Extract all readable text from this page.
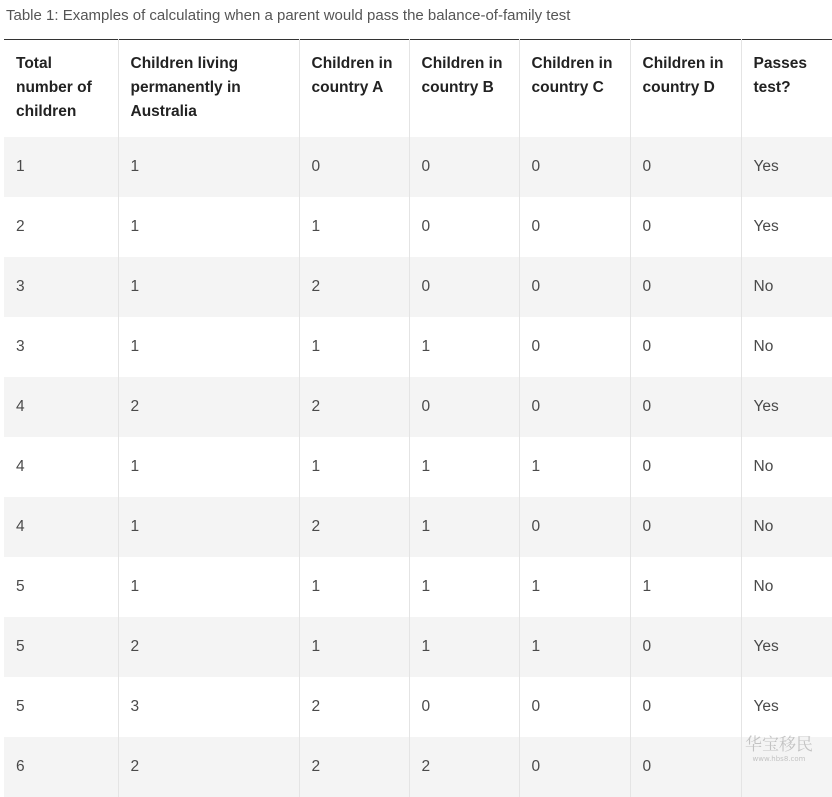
Table 1: Examples of calculating when a parent would pass the balance-of-family test
Total number of children	Children living permanently in Australia	Children in country A	Children in country B	Children in country C	Children in country D	Passes test?
1	1	0	0	0	0	Yes
2	1	1	0	0	0	Yes
3	1	2	0	0	0	No
3	1	1	1	0	0	No
4	2	2	0	0	0	Yes
4	1	1	1	1	0	No
4	1	2	1	0	0	No
5	1	1	1	1	1	No
5	2	1	1	1	0	Yes
5	3	2	0	0	0	Yes
6	2	2	2	0	0	
华宝移民
www.hbs8.com
